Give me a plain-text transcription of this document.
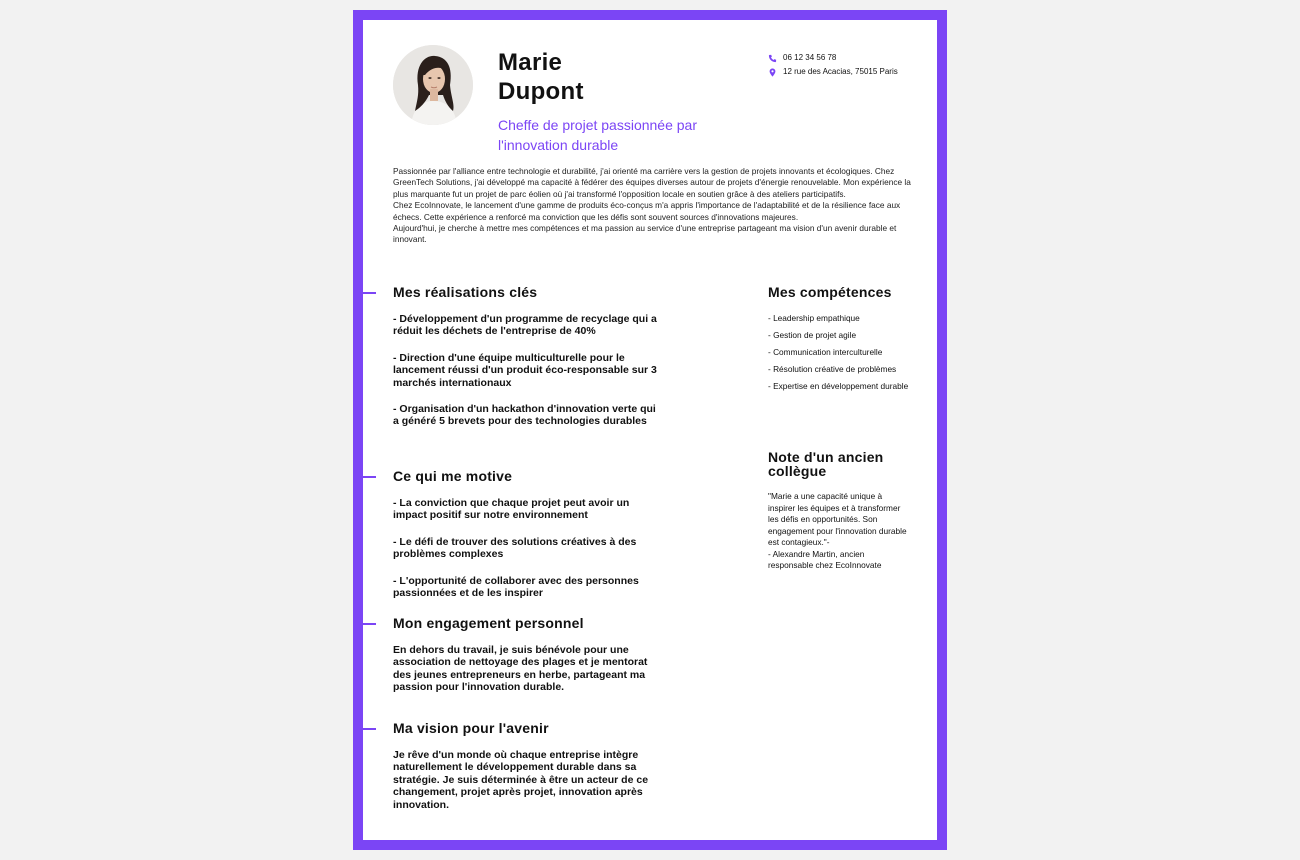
Marie
Dupont

Cheffe de projet passionnée par l'innovation durable

06 12 34 56 78
12 rue des Acacias, 75015 Paris

Passionnée par l'alliance entre technologie et durabilité, j'ai orienté ma carrière vers la gestion de projets innovants et écologiques. Chez GreenTech Solutions, j'ai développé ma capacité à fédérer des équipes diverses autour de projets d'énergie renouvelable. Mon expérience la plus marquante fut un projet de parc éolien où j'ai transformé l'opposition locale en soutien grâce à des ateliers participatifs.

Chez EcoInnovate, le lancement d'une gamme de produits éco-conçus m'a appris l'importance de l'adaptabilité et de la résilience face aux échecs. Cette expérience a renforcé ma conviction que les défis sont souvent sources d'innovations majeures.

Aujourd'hui, je cherche à mettre mes compétences et ma passion au service d'une entreprise partageant ma vision d'un avenir durable et innovant.

Mes réalisations clés
- Développement d'un programme de recyclage qui a réduit les déchets de l'entreprise de 40%
- Direction d'une équipe multiculturelle pour le lancement réussi d'un produit éco-responsable sur 3 marchés internationaux
- Organisation d'un hackathon d'innovation verte qui a généré 5 brevets pour des technologies durables
Ce qui me motive
- La conviction que chaque projet peut avoir un impact positif sur notre environnement
- Le défi de trouver des solutions créatives à des problèmes complexes
- L'opportunité de collaborer avec des personnes passionnées et de les inspirer
Mon engagement personnel

En dehors du travail, je suis bénévole pour une association de nettoyage des plages et je mentorat des jeunes entrepreneurs en herbe, partageant ma passion pour l'innovation durable.

Ma vision pour l'avenir

Je rêve d'un monde où chaque entreprise intègre naturellement le développement durable dans sa stratégie. Je suis déterminée à être un acteur de ce changement, projet après projet, innovation après innovation.

Mes compétences
- Leadership empathique
- Gestion de projet agile
- Communication interculturelle
- Résolution créative de problèmes
- Expertise en développement durable
Note d'un ancien collègue

"Marie a une capacité unique à inspirer les équipes et à transformer les défis en opportunités. Son engagement pour l'innovation durable est contagieux."-
- Alexandre Martin, ancien responsable chez EcoInnovate
